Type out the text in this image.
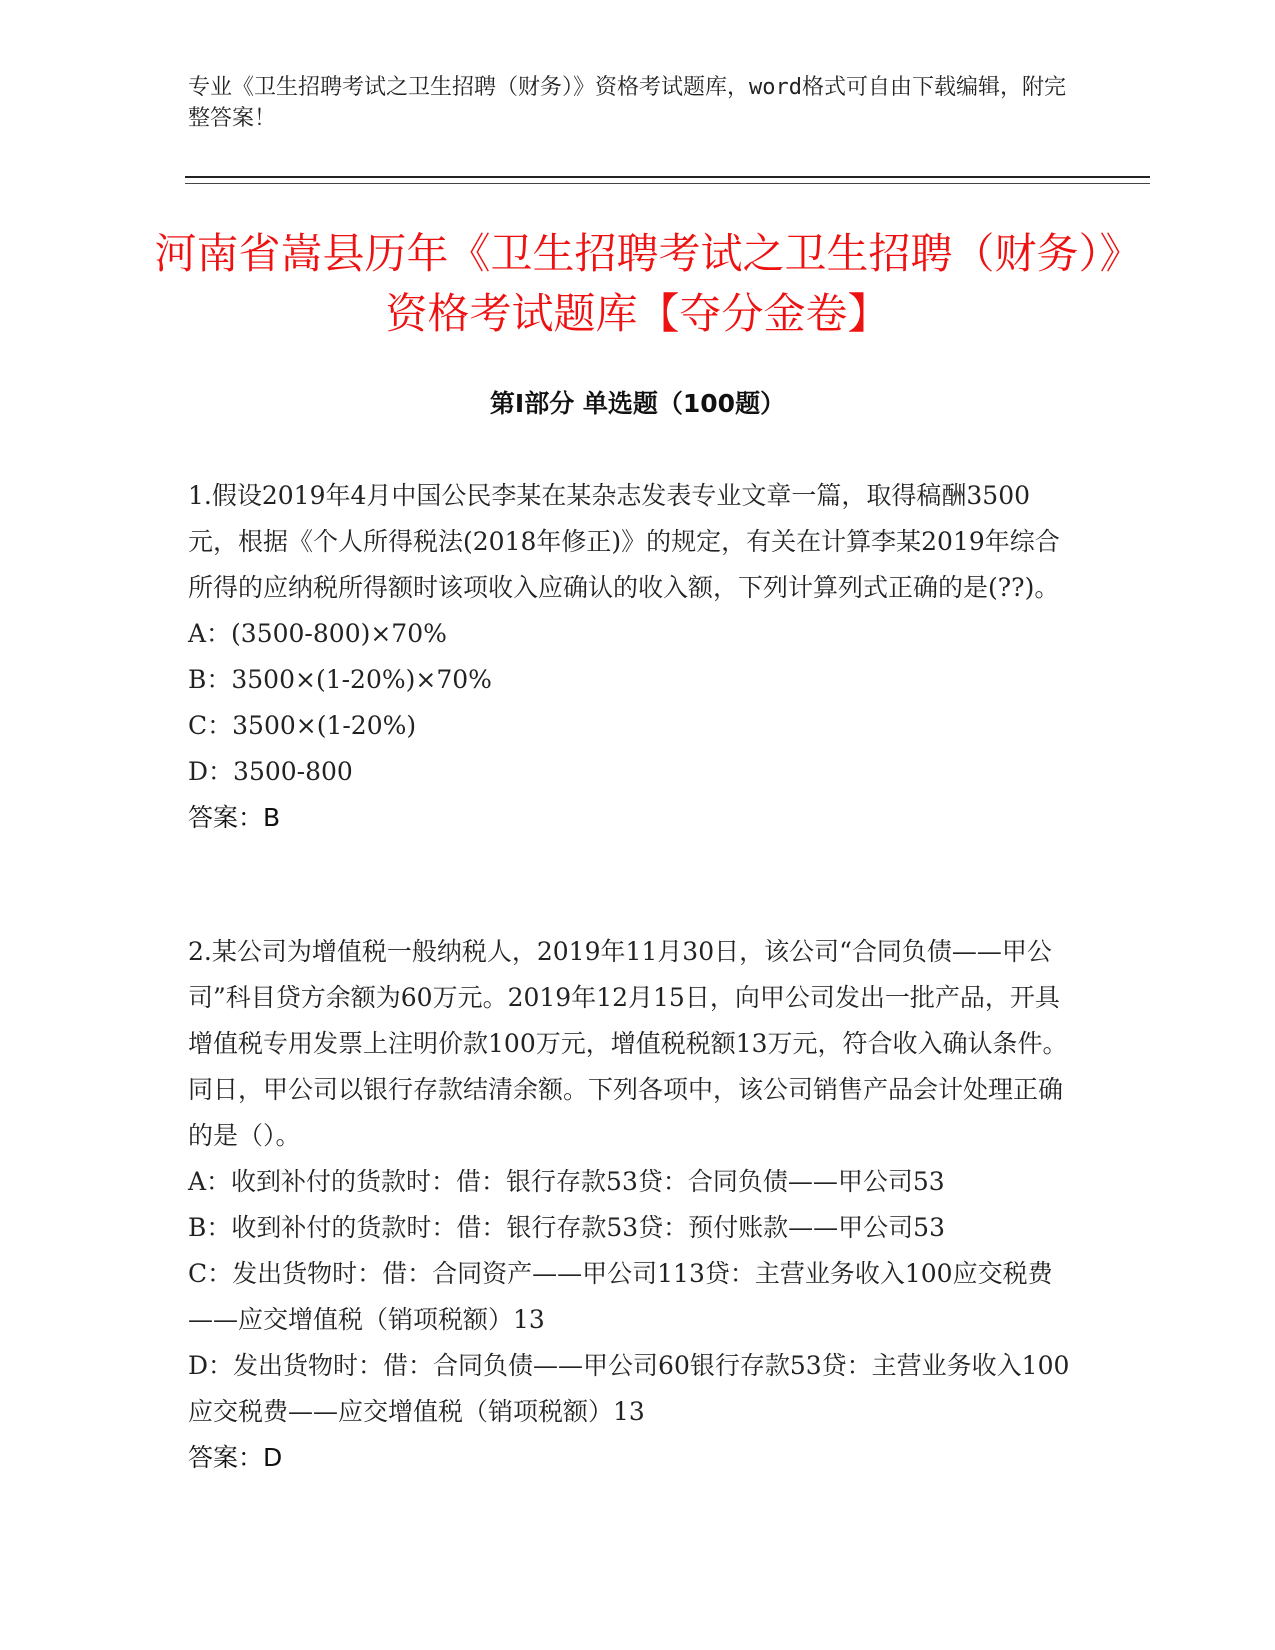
专业《卫生招聘考试之卫生招聘（财务）》资格考试题库，word格式可自由下载编辑，附完整答案！
河南省嵩县历年《卫生招聘考试之卫生招聘（财务）》资格考试题库【夺分金卷】
第Ⅰ部分 单选题（100题）

1.假设2019年4月中国公民李某在某杂志发表专业文章一篇，取得稿酬3500元，根据《个人所得税法(2018年修正)》的规定，有关在计算李某2019年综合所得的应纳税所得额时该项收入应确认的收入额，下列计算列式正确的是(??)。

A：(3500-800)×70%

B：3500×(1-20%)×70%

C：3500×(1-20%)

D：3500-800

答案：B

2.某公司为增值税一般纳税人，2019年11月30日，该公司“合同负债——甲公司”科目贷方余额为60万元。2019年12月15日，向甲公司发出一批产品，开具增值税专用发票上注明价款100万元，增值税税额13万元，符合收入确认条件。同日，甲公司以银行存款结清余额。下列各项中，该公司销售产品会计处理正确的是（）。

A：收到补付的货款时：借：银行存款53贷：合同负债——甲公司53

B：收到补付的货款时：借：银行存款53贷：预付账款——甲公司53

C：发出货物时：借：合同资产——甲公司113贷：主营业务收入100应交税费——应交增值税（销项税额）13

D：发出货物时：借：合同负债——甲公司60银行存款53贷：主营业务收入100应交税费——应交增值税（销项税额）13

答案：D
